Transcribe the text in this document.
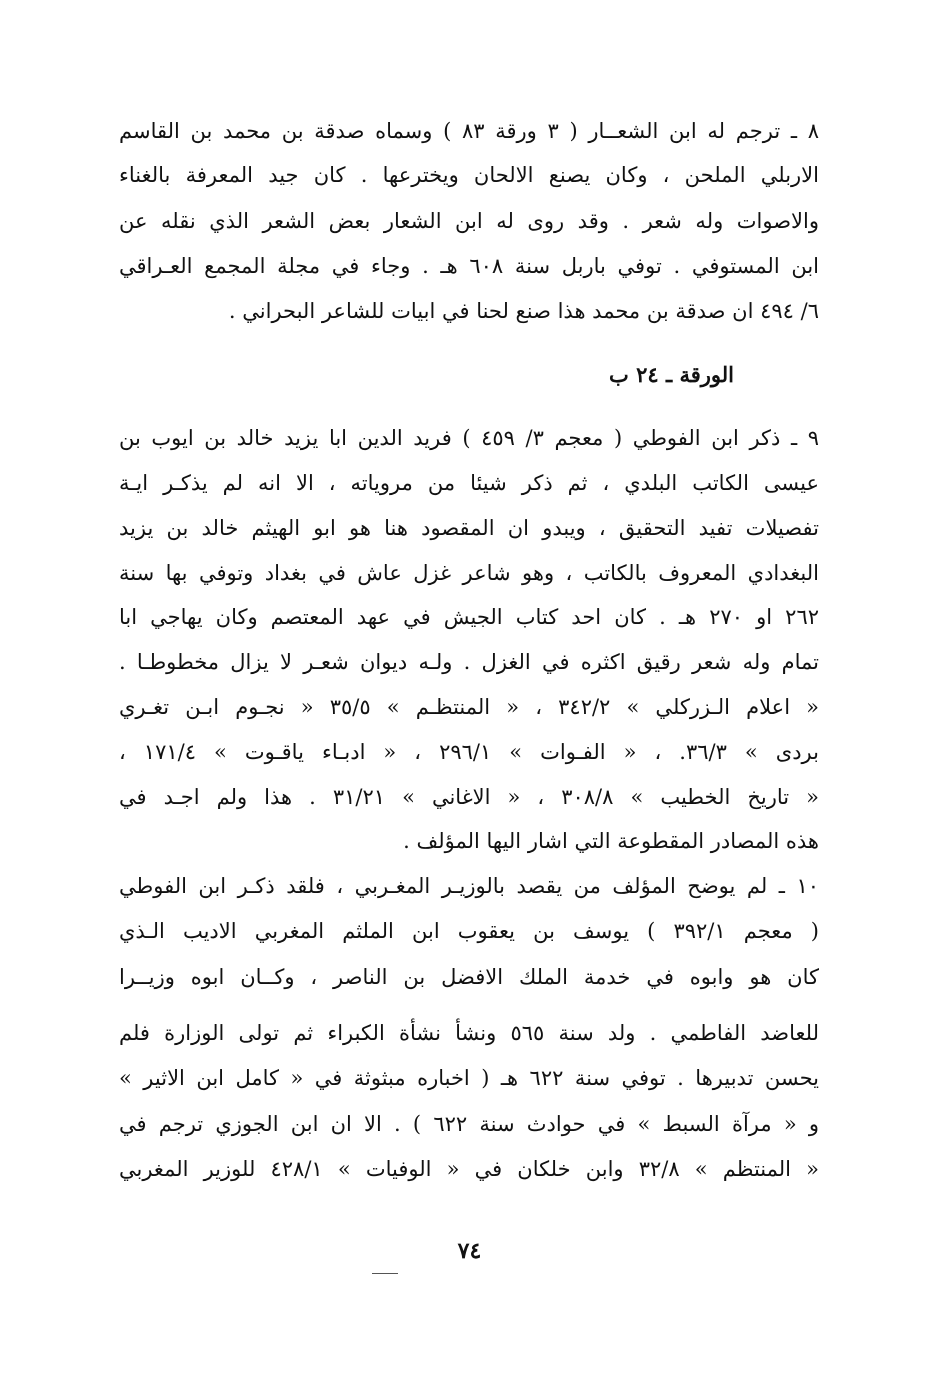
٨ ـ ترجم له ابن الشعــار ( ٣ ورقة ٨٣ ) وسماه صدقة بن محمد بن القاسم
الاربلي الملحن ، وكان يصنع الالحان ويخترعها . كان جيد المعرفة بالغناء
والاصوات وله شعر . وقد روى له ابن الشعار بعض الشعر الذي نقله عن
ابن المستوفي . توفي باربل سنة ٦٠٨ هـ . وجاء في مجلة المجمع العـراقي
٦/ ٤٩٤ ان صدقة بن محمد هذا صنع لحنا في ابيات للشاعر البحراني .
الورقة ـ ٢٤ ب
٩ ـ ذكر ابن الفوطي ( معجم ٣/ ٤٥٩ ) فريد الدين ابا يزيد خالد بن ايوب بن
عيسى الكاتب البلدي ، ثم ذكر شيئا من مروياته ، الا انه لم يذكـر ايـة
تفصيلات تفيد التحقيق ، ويبدو ان المقصود هنا هو ابو الهيثم خالد بن يزيد
البغدادي المعروف بالكاتب ، وهو شاعر غزل عاش في بغداد وتوفي بها سنة
٢٦٢ او ٢٧٠ هـ . كان احد كتاب الجيش في عهد المعتصم وكان يهاجي ابا
تمام وله شعر رقيق اكثره في الغزل . ولـه ديوان شعـر لا يزال مخطوطـا .
« اعلام الـزركلي » ٣٤٢/٢ ، « المنتظـم » ٣٥/٥ « نجـوم ابـن تغـري
بردى » ٣٦/٣. ، « الفـوات » ٢٩٦/١ ، « ادبـاء ياقـوت » ١٧١/٤ ،
« تاريخ الخطيب » ٣٠٨/٨ ، « الاغاني » ٣١/٢١ . هذا ولم اجـد في
هذه المصادر المقطوعة التي اشار اليها المؤلف .
١٠ ـ لم يوضح المؤلف من يقصد بالوزيـر المغـربي ، فلقد ذكـر ابن الفوطي
( معجم ٣٩٢/١ ) يوسف بن يعقوب ابن الملثم المغربي الاديب الـذي
كان هو وابوه في خدمة الملك الافضل بن الناصر ، وكــان ابوه وزيــرا
للعاضد الفاطمي . ولد سنة ٥٦٥ ونشأ نشأة الكبراء ثم تولى الوزارة فلم
يحسن تدبيرها . توفي سنة ٦٢٢ هـ ( اخباره مبثوثة في « كامل ابن الاثير »
و « مرآة السبط » في حوادث سنة ٦٢٢ ) . الا ان ابن الجوزي ترجم في
« المنتظم » ٣٢/٨ وابن خلكان في « الوفيات » ٤٢٨/١ للوزير المغربي
٧٤
